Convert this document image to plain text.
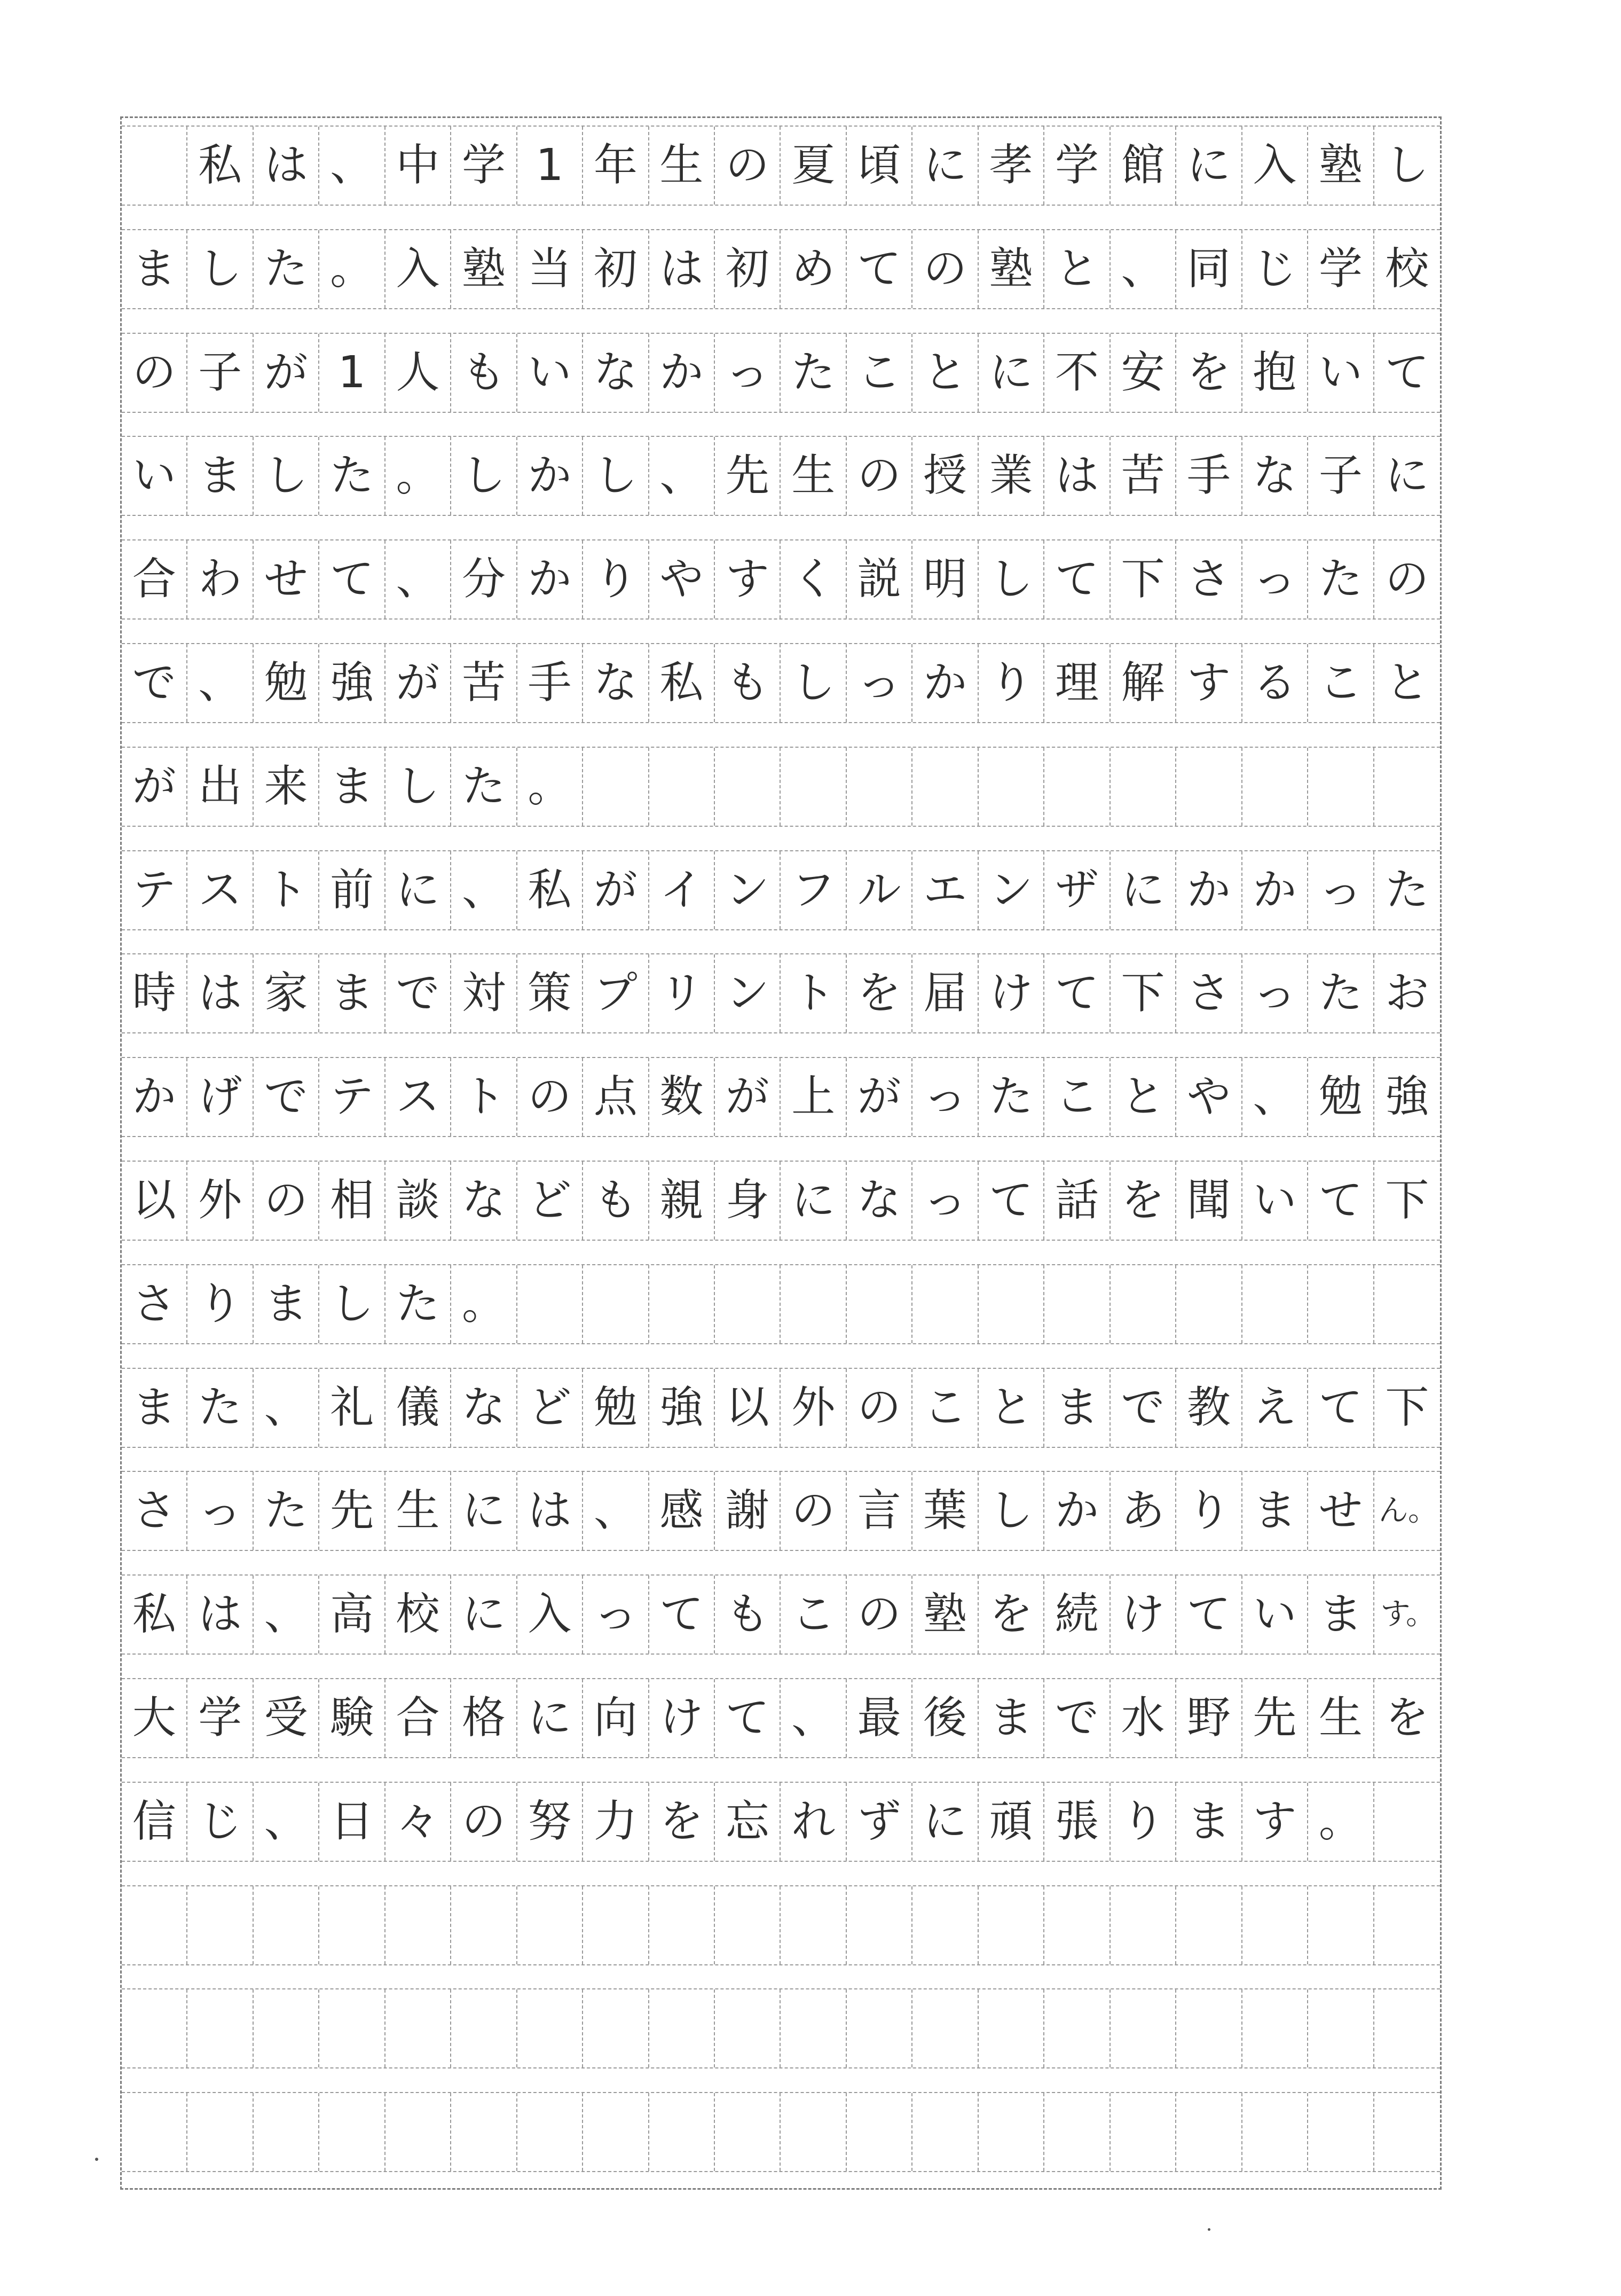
私 は 、 中 学 1 年 生 の 夏 頃 に 孝 学 館 に 入 塾 し
ま し た 。 入 塾 当 初 は 初 め て の 塾 と 、 同 じ 学 校
の 子 が 1 人 も い な か っ た こ と に 不 安 を 抱 い て
い ま し た 。 し か し 、 先 生 の 授 業 は 苦 手 な 子 に
合 わ せ て 、 分 か り や す く 説 明 し て 下 さ っ た の
で 、 勉 強 が 苦 手 な 私 も し っ か り 理 解 す る こ と
が 出 来 ま し た 。
テ ス ト 前 に 、 私 が イ ン フ ル エ ン ザ に か か っ た
時 は 家 ま で 対 策 プ リ ン ト を 届 け て 下 さ っ た お
か げ で テ ス ト の 点 数 が 上 が っ た こ と や 、 勉 強
以 外 の 相 談 な ど も 親 身 に な っ て 話 を 聞 い て 下
さ り ま し た 。
ま た 、 礼 儀 な ど 勉 強 以 外 の こ と ま で 教 え て 下
さ っ た 先 生 に は 、 感 謝 の 言 葉 し か あ り ま せ ん。
私 は 、 高 校 に 入 っ て も こ の 塾 を 続 け て い ま す。
大 学 受 験 合 格 に 向 け て 、 最 後 ま で 水 野 先 生 を
信 じ 、 日 々 の 努 力 を 忘 れ ず に 頑 張 り ま す 。
